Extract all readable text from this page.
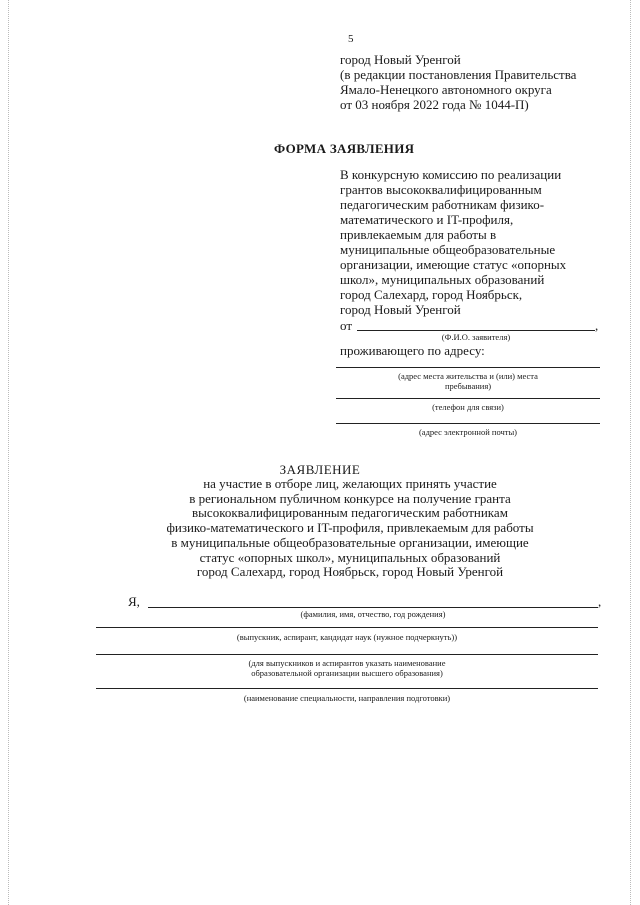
5
город Новый Уренгой
(в редакции постановления Правительства
Ямало-Ненецкого автономного округа
от 03 ноября 2022 года № 1044-П)
ФОРМА ЗАЯВЛЕНИЯ
В конкурсную комиссию по реализации
грантов высококвалифицированным
педагогическим работникам физико-
математического и IT-профиля,
привлекаемым для работы в
муниципальные общеобразовательные
организации, имеющие статус «опорных
школ», муниципальных образований
город Салехард, город Ноябрьск,
город Новый Уренгой
от	,
(Ф.И.О. заявителя)
проживающего по адресу:
(адрес места жительства и (или) места
пребывания)
(телефон для связи)
(адрес электронной почты)
ЗАЯВЛЕНИЕ
на участие в отборе лиц, желающих принять участие
в региональном публичном конкурсе на получение гранта
высококвалифицированным педагогическим работникам
физико-математического и IT-профиля, привлекаемым для работы
в муниципальные общеобразовательные организации, имеющие
статус «опорных школ», муниципальных образований
город Салехард, город Ноябрьск, город Новый Уренгой
Я,	,
(фамилия, имя, отчество, год рождения)
(выпускник, аспирант, кандидат наук (нужное подчеркнуть))
(для выпускников и аспирантов указать наименование
образовательной организации высшего образования)
(наименование специальности, направления подготовки)
